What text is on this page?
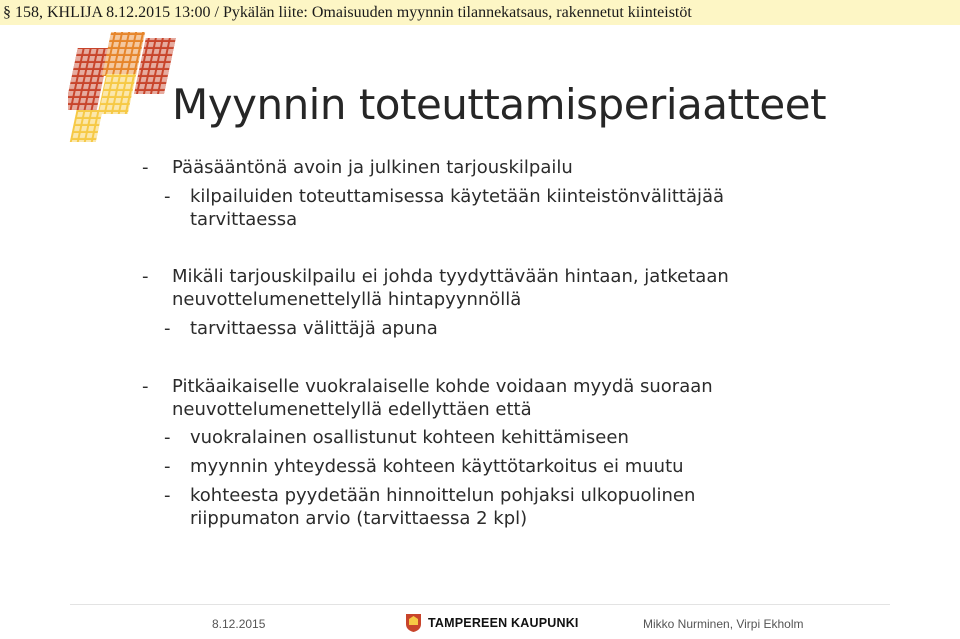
§ 158, KHLIJA 8.12.2015 13:00 / Pykälän liite: Omaisuuden myynnin tilannekatsaus, rakennetut kiinteistöt
Myynnin toteuttamisperiaatteet
- Pääsääntönä avoin ja julkinen tarjouskilpailu
- kilpailuiden toteuttamisessa käytetään kiinteistönvälittäjää
tarvittaessa
- Mikäli tarjouskilpailu ei johda tyydyttävään hintaan, jatketaan
neuvottelumenettelyllä hintapyynnöllä
- tarvittaessa välittäjä apuna
- Pitkäaikaiselle vuokralaiselle kohde voidaan myydä suoraan
neuvottelumenettelyllä edellyttäen että
- vuokralainen osallistunut kohteen kehittämiseen
- myynnin yhteydessä kohteen käyttötarkoitus ei muutu
- kohteesta pyydetään hinnoittelun pohjaksi ulkopuolinen
riippumaton arvio (tarvittaessa 2 kpl)
8.12.2015	TAMPEREEN KAUPUNKI	Mikko Nurminen, Virpi Ekholm
